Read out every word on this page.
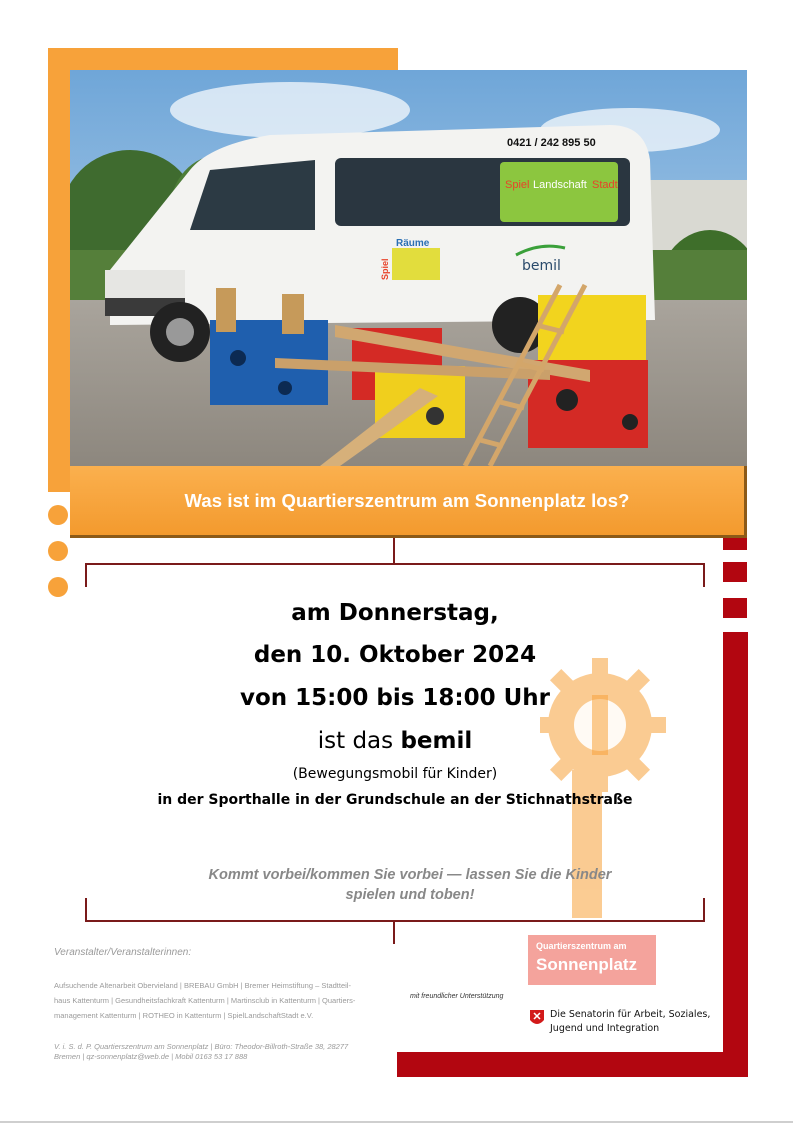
Spiel Landschaft Stadt
0421 / 242 895 50
Räume
Spiel	bemil
Was ist im Quartierszentrum am Sonnenplatz los?
am Donnerstag,
den 10. Oktober 2024
von 15:00 bis 18:00 Uhr
ist das bemil
(Bewegungsmobil für Kinder)
in der Sporthalle in der Grundschule an der Stichnathstraße
Kommt vorbei/kommen Sie vorbei — lassen Sie die Kinder
spielen und toben!
Veranstalter/Veranstalterinnen:
Aufsuchende Altenarbeit Obervieland | BREBAU GmbH | Bremer Heimstiftung – Stadtteil-
haus Kattenturm | Gesundheitsfachkraft Kattenturm | Martinsclub in Kattenturm | Quartiers-
management Kattenturm | ROTHEO in Kattenturm | SpielLandschaftStadt e.V.
V. i. S. d. P. Quartierszentrum am Sonnenplatz | Büro: Theodor-Billroth-Straße 38, 28277
Bremen | qz-sonnenplatz@web.de | Mobil 0163 53 17 888
mit freundlicher Unterstützung
Quartierszentrum am
Sonnenplatz
Die Senatorin für Arbeit, Soziales,
Jugend und Integration
